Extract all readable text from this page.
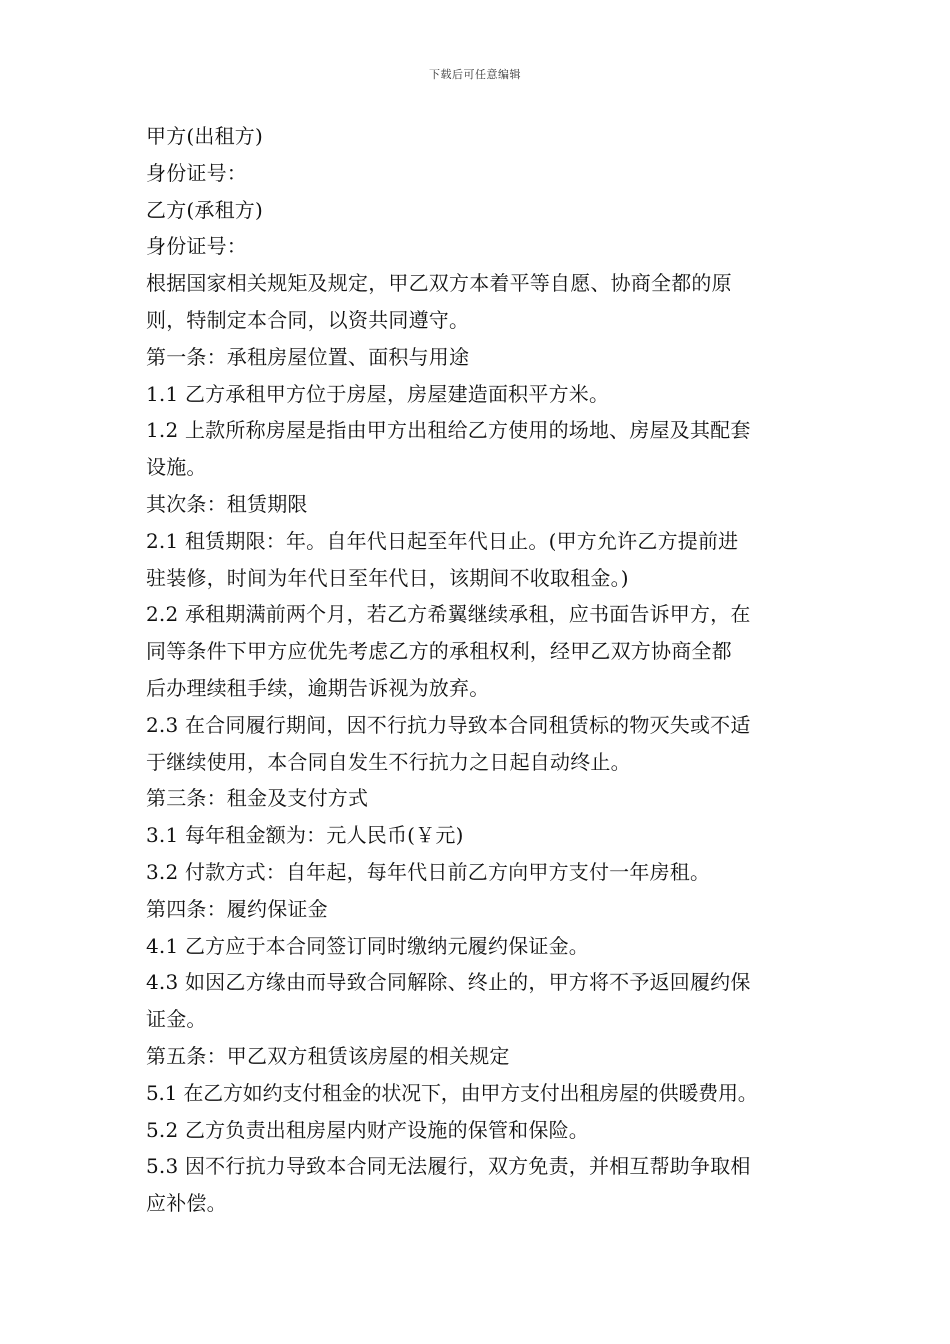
下载后可任意编辑
甲方(出租方)
身份证号：
乙方(承租方)
身份证号：
根据国家相关规矩及规定，甲乙双方本着平等自愿、协商全都的原
则，特制定本合同，以资共同遵守。
第一条：承租房屋位置、面积与用途
1.1 乙方承租甲方位于房屋，房屋建造面积平方米。
1.2 上款所称房屋是指由甲方出租给乙方使用的场地、房屋及其配套
设施。
其次条：租赁期限
2.1 租赁期限：年。自年代日起至年代日止。(甲方允许乙方提前进
驻装修，时间为年代日至年代日，该期间不收取租金。)
2.2 承租期满前两个月，若乙方希翼继续承租，应书面告诉甲方，在
同等条件下甲方应优先考虑乙方的承租权利，经甲乙双方协商全都
后办理续租手续，逾期告诉视为放弃。
2.3 在合同履行期间，因不行抗力导致本合同租赁标的物灭失或不适
于继续使用，本合同自发生不行抗力之日起自动终止。
第三条：租金及支付方式
3.1 每年租金额为：元人民币(￥元)
3.2 付款方式：自年起，每年代日前乙方向甲方支付一年房租。
第四条：履约保证金
4.1 乙方应于本合同签订同时缴纳元履约保证金。
4.3 如因乙方缘由而导致合同解除、终止的，甲方将不予返回履约保
证金。
第五条：甲乙双方租赁该房屋的相关规定
5.1 在乙方如约支付租金的状况下，由甲方支付出租房屋的供暖费用。
5.2 乙方负责出租房屋内财产设施的保管和保险。
5.3 因不行抗力导致本合同无法履行，双方免责，并相互帮助争取相
应补偿。
